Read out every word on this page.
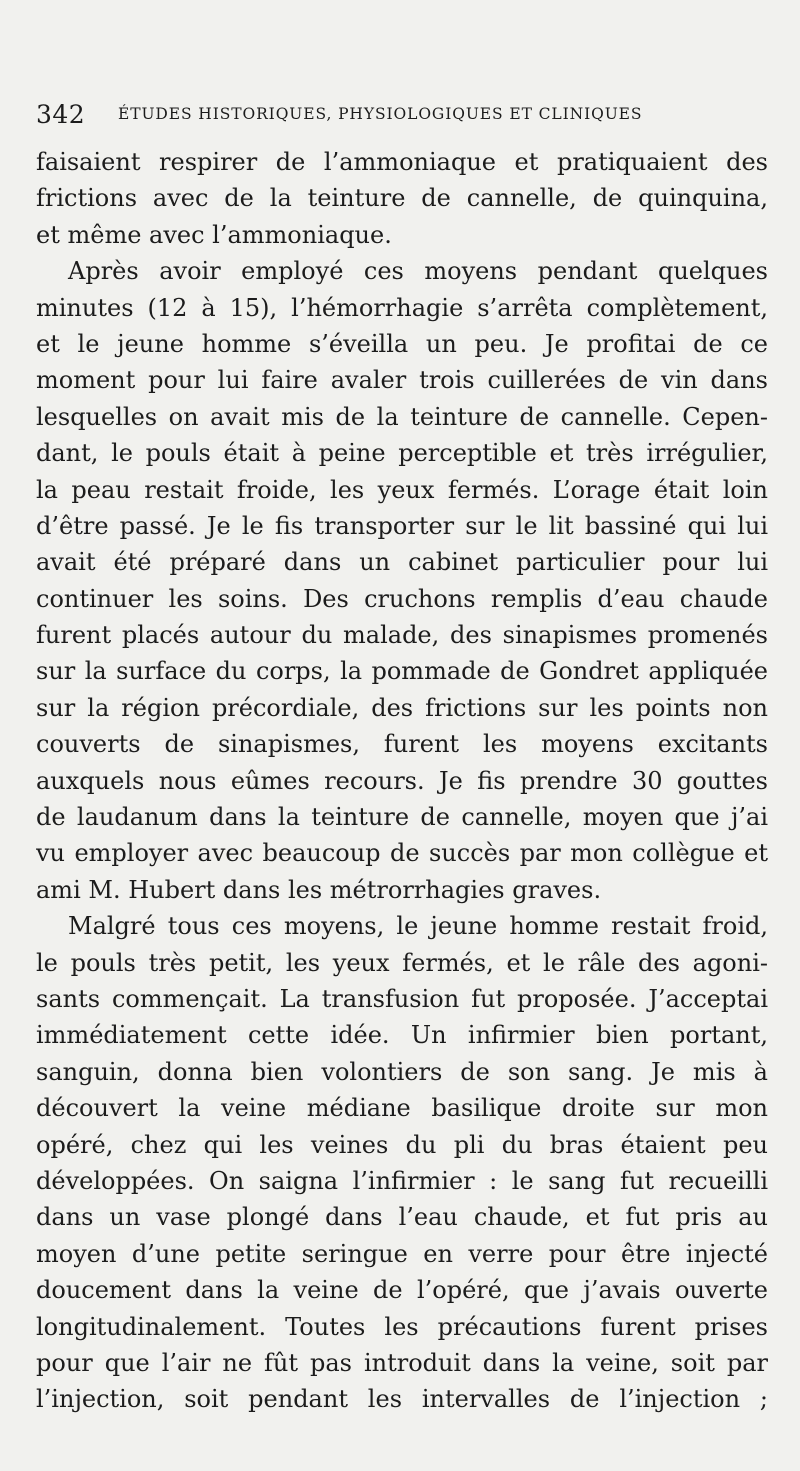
342 ÉTUDES HISTORIQUES, PHYSIOLOGIQUES ET CLINIQUES
faisaient respirer de l’ammoniaque et pratiquaient des
frictions avec de la teinture de cannelle, de quinquina,
et même avec l’ammoniaque.
Après avoir employé ces moyens pendant quelques
minutes (12 à 15), l’hémorrhagie s’arrêta complètement,
et le jeune homme s’éveilla un peu. Je profitai de ce
moment pour lui faire avaler trois cuillerées de vin dans
lesquelles on avait mis de la teinture de cannelle. Cepen-
dant, le pouls était à peine perceptible et très irrégulier,
la peau restait froide, les yeux fermés. L’orage était loin
d’être passé. Je le fis transporter sur le lit bassiné qui lui
avait été préparé dans un cabinet particulier pour lui
continuer les soins. Des cruchons remplis d’eau chaude
furent placés autour du malade, des sinapismes promenés
sur la surface du corps, la pommade de Gondret appliquée
sur la région précordiale, des frictions sur les points non
couverts de sinapismes, furent les moyens excitants
auxquels nous eûmes recours. Je fis prendre 30 gouttes
de laudanum dans la teinture de cannelle, moyen que j’ai
vu employer avec beaucoup de succès par mon collègue et
ami M. Hubert dans les métrorrhagies graves.
Malgré tous ces moyens, le jeune homme restait froid,
le pouls très petit, les yeux fermés, et le râle des agoni-
sants commençait. La transfusion fut proposée. J’acceptai
immédiatement cette idée. Un infirmier bien portant,
sanguin, donna bien volontiers de son sang. Je mis à
découvert la veine médiane basilique droite sur mon
opéré, chez qui les veines du pli du bras étaient peu
développées. On saigna l’infirmier : le sang fut recueilli
dans un vase plongé dans l’eau chaude, et fut pris au
moyen d’une petite seringue en verre pour être injecté
doucement dans la veine de l’opéré, que j’avais ouverte
longitudinalement. Toutes les précautions furent prises
pour que l’air ne fût pas introduit dans la veine, soit par
l’injection, soit pendant les intervalles de l’injection ;
